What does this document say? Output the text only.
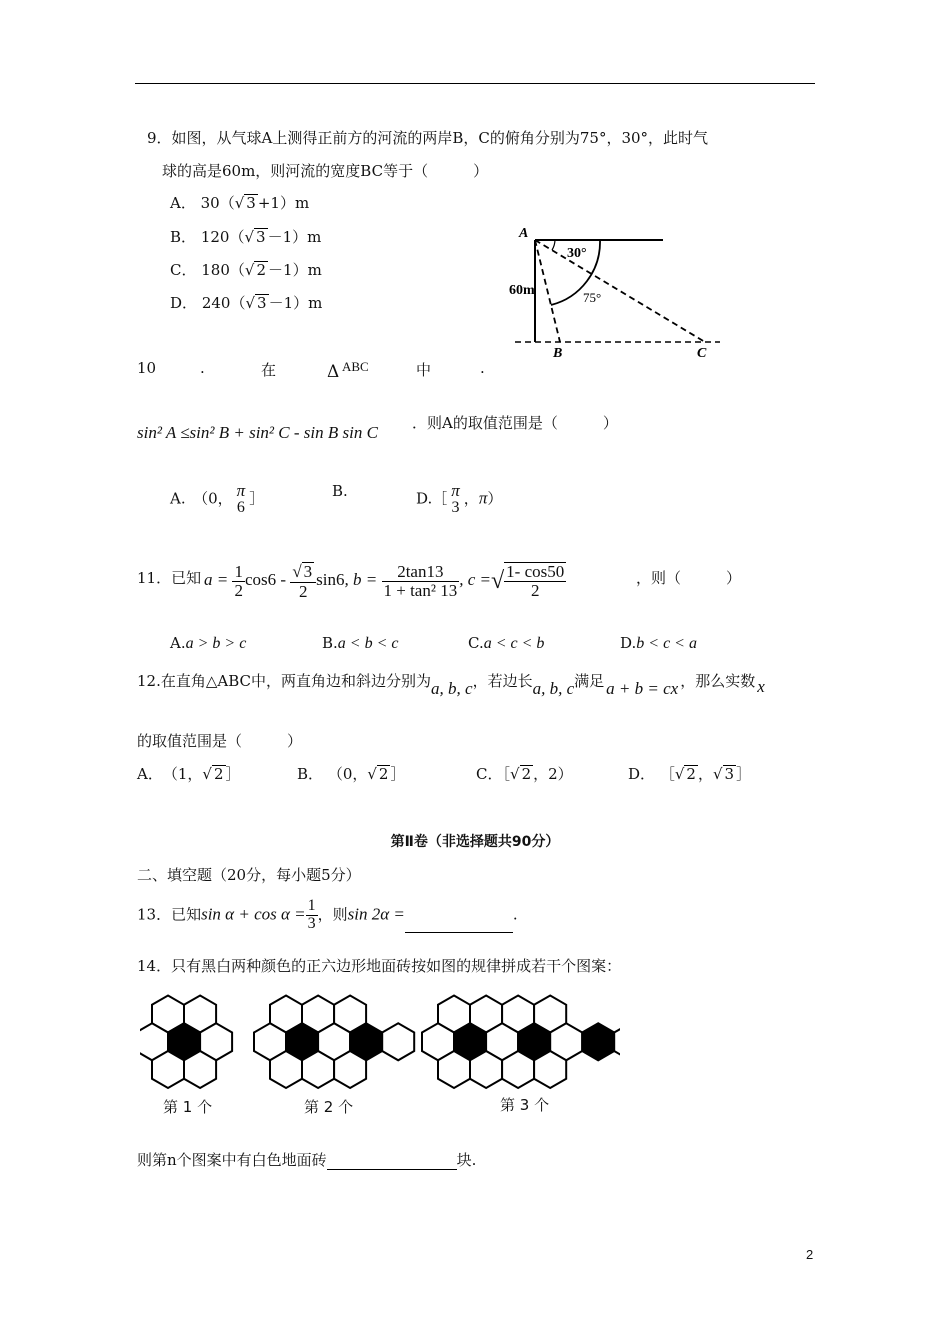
9．如图，从气球A上测得正前方的河流的两岸B，C的俯角分别为75°，30°，此时气
球的高是60m，则河流的宽度BC等于（　　　）
A． 30（√ 3 +1）m
B． 120（√ 3 －1）m
C． 180（√ 2 －1）m
D． 240（√ 3 －1）m
A
B	C
60m
30°
75°
10	.	在	Δ ABC	中	.
sin² A ≤sin² B + sin² C - sin B sin C ．则A的取值范围是（　　　）
A.　（0， π
6
］	B.	D.［ π
3
，π）
11．已知 $a = \frac{1}{2} \cos 6 - \frac{√ 3}{2} \sin 6$, $b = \frac{2\tan 13}{\text{1 + tan² 13}}$ , c =√ $\frac{1- \cos 50}{2}$	，则（　　　）
A.a > b > c	B.a < b < c	C.a < c < b	D.b < c < a
12.在直角△ABC中，两直角边和斜边分别为a, b, c，若边长a, b, c满足 a + b = cx ，那么实数 x
的取值范围是（　　　）
A．　 （1，√ 2 ］	B． （0，√ 2 ］	C．［√ 2 ，2）	D． ［√ 2 ，√ 3 ］
第Ⅱ卷（非选择题共90分）
二、填空题（20分，每小题5分）
13．已知$\sin \alpha + \cos \alpha = \frac{1}{3}$ ，则sin 2α =	.
14．只有黑白两种颜色的正六边形地面砖按如图的规律拼成若干个图案：
第 1 个	第 2 个	第 3 个
则第n个图案中有白色地面砖	块.
2
